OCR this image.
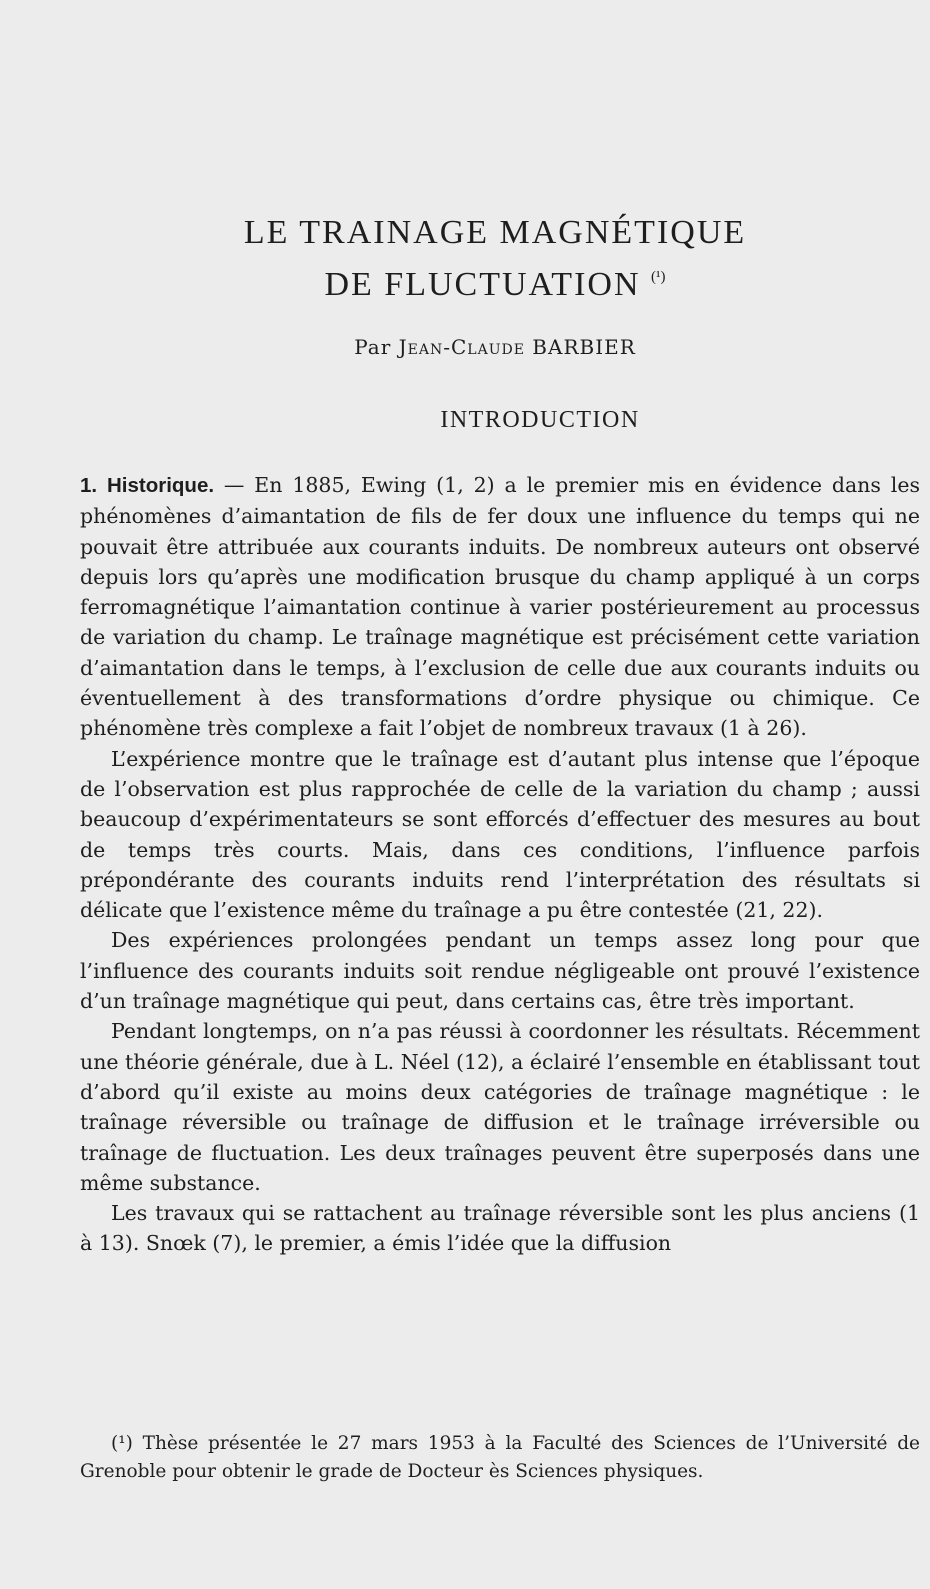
LE TRAINAGE MAGNÉTIQUE
DE FLUCTUATION $^{(^1)}$
Par Jean-Claude BARBIER
INTRODUCTION

1. Historique. — En 1885, Ewing (1, 2) a le premier mis en évidence dans les phénomènes d’aimantation de fils de fer doux une influence du temps qui ne pouvait être attribuée aux courants induits. De nombreux auteurs ont observé depuis lors qu’après une modification brusque du champ appliqué à un corps ferromagnétique l’aimantation continue à varier postérieurement au processus de variation du champ. Le traînage magnétique est précisément cette variation d’aimantation dans le temps, à l’exclusion de celle due aux courants induits ou éventuellement à des transformations d’ordre physique ou chimique. Ce phénomène très complexe a fait l’objet de nombreux travaux (1 à 26).

L’expérience montre que le traînage est d’autant plus intense que l’époque de l’observation est plus rapprochée de celle de la variation du champ ; aussi beaucoup d’expérimentateurs se sont efforcés d’effectuer des mesures au bout de temps très courts. Mais, dans ces conditions, l’influence parfois prépondérante des courants induits rend l’interprétation des résultats si délicate que l’existence même du traînage a pu être contestée (21, 22).

Des expériences prolongées pendant un temps assez long pour que l’influence des courants induits soit rendue négligeable ont prouvé l’existence d’un traînage magnétique qui peut, dans certains cas, être très important.

Pendant longtemps, on n’a pas réussi à coordonner les résultats. Récemment une théorie générale, due à L. Néel (12), a éclairé l’ensemble en établissant tout d’abord qu’il existe au moins deux catégories de traînage magnétique : le traînage réversible ou traînage de diffusion et le traînage irréversible ou traînage de fluctuation. Les deux traînages peuvent être superposés dans une même substance.

Les travaux qui se rattachent au traînage réversible sont les plus anciens (1 à 13). Snœk (7), le premier, a émis l’idée que la diffusion

(¹) Thèse présentée le 27 mars 1953 à la Faculté des Sciences de l’Université de Grenoble pour obtenir le grade de Docteur ès Sciences physiques.
